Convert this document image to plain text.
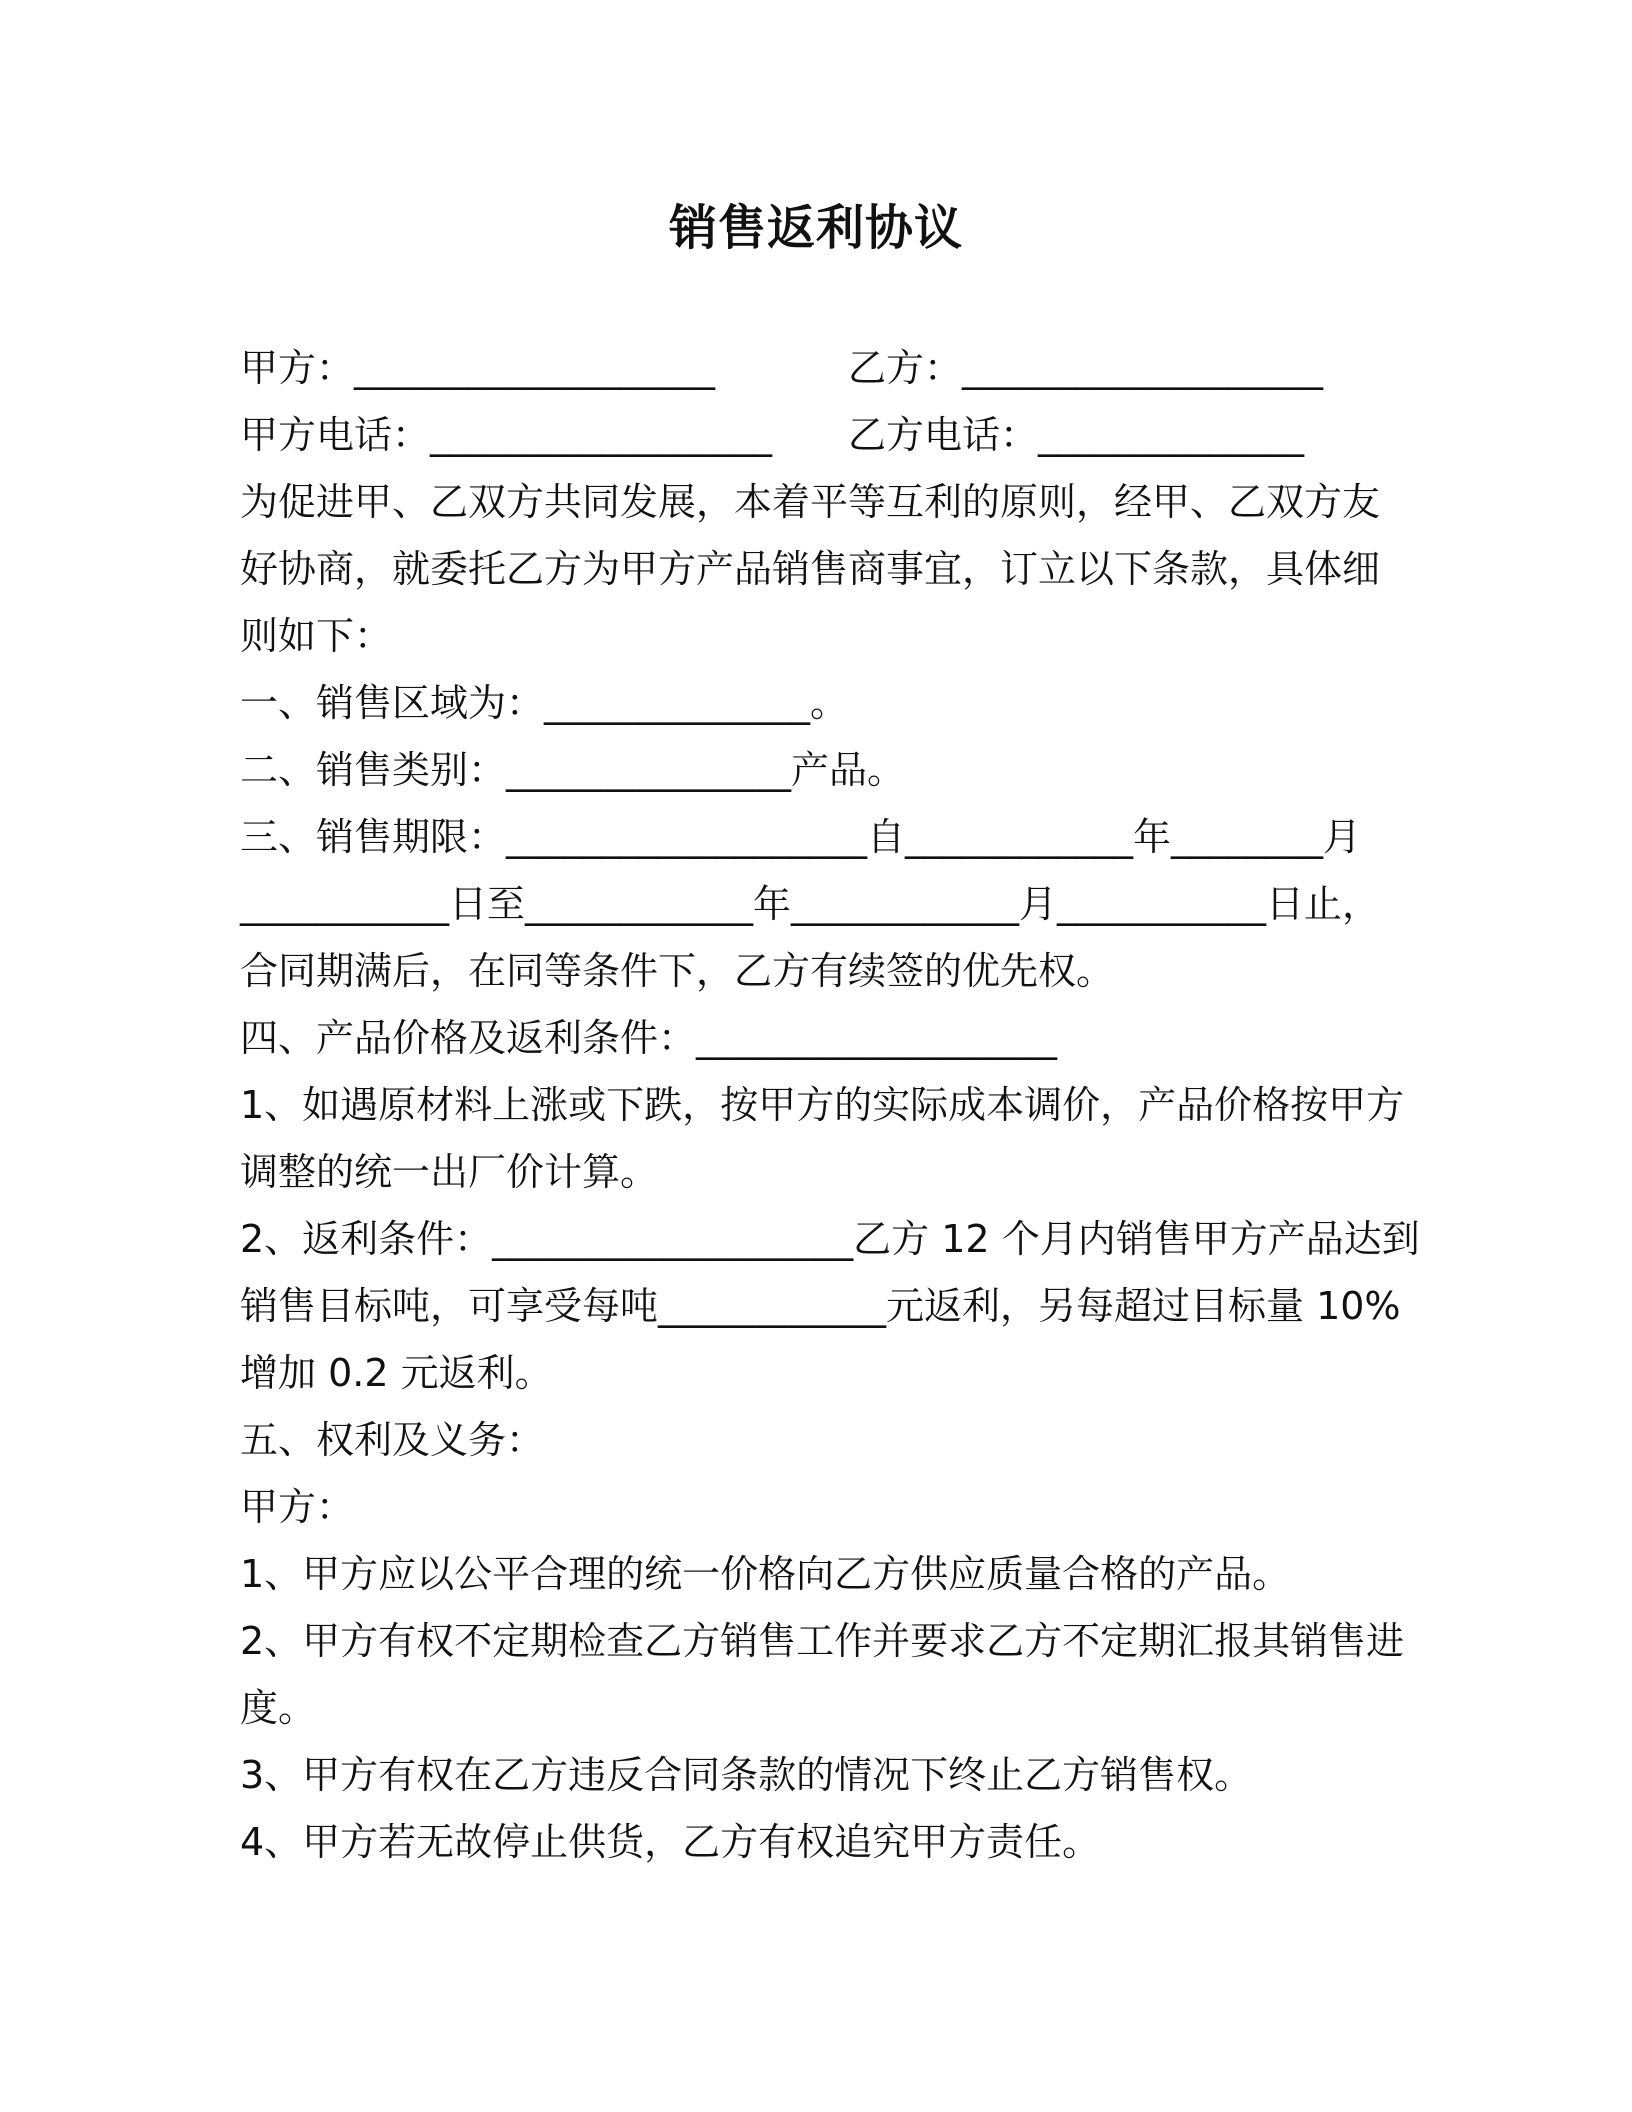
销售返利协议
甲方：___________________	乙方：___________________
甲方电话：__________________ 乙方电话：______________
为促进甲、乙双方共同发展，本着平等互利的原则，经甲、乙双方友
好协商，就委托乙方为甲方产品销售商事宜，订立以下条款，具体细
则如下：
一、销售区域为：______________。
二、销售类别：_______________产品。
三、销售期限：___________________自____________年________月
___________日至____________年____________月___________日止，
合同期满后，在同等条件下，乙方有续签的优先权。
四、产品价格及返利条件：___________________
1、如遇原材料上涨或下跌，按甲方的实际成本调价，产品价格按甲方
调整的统一出厂价计算。
2、返利条件：___________________乙方 12 个月内销售甲方产品达到
销售目标吨，可享受每吨____________元返利，另每超过目标量 10%
增加 0.2 元返利。
五、权利及义务：
甲方：
1、甲方应以公平合理的统一价格向乙方供应质量合格的产品。
2、甲方有权不定期检查乙方销售工作并要求乙方不定期汇报其销售进
度。
3、甲方有权在乙方违反合同条款的情况下终止乙方销售权。
4、甲方若无故停止供货，乙方有权追究甲方责任。
